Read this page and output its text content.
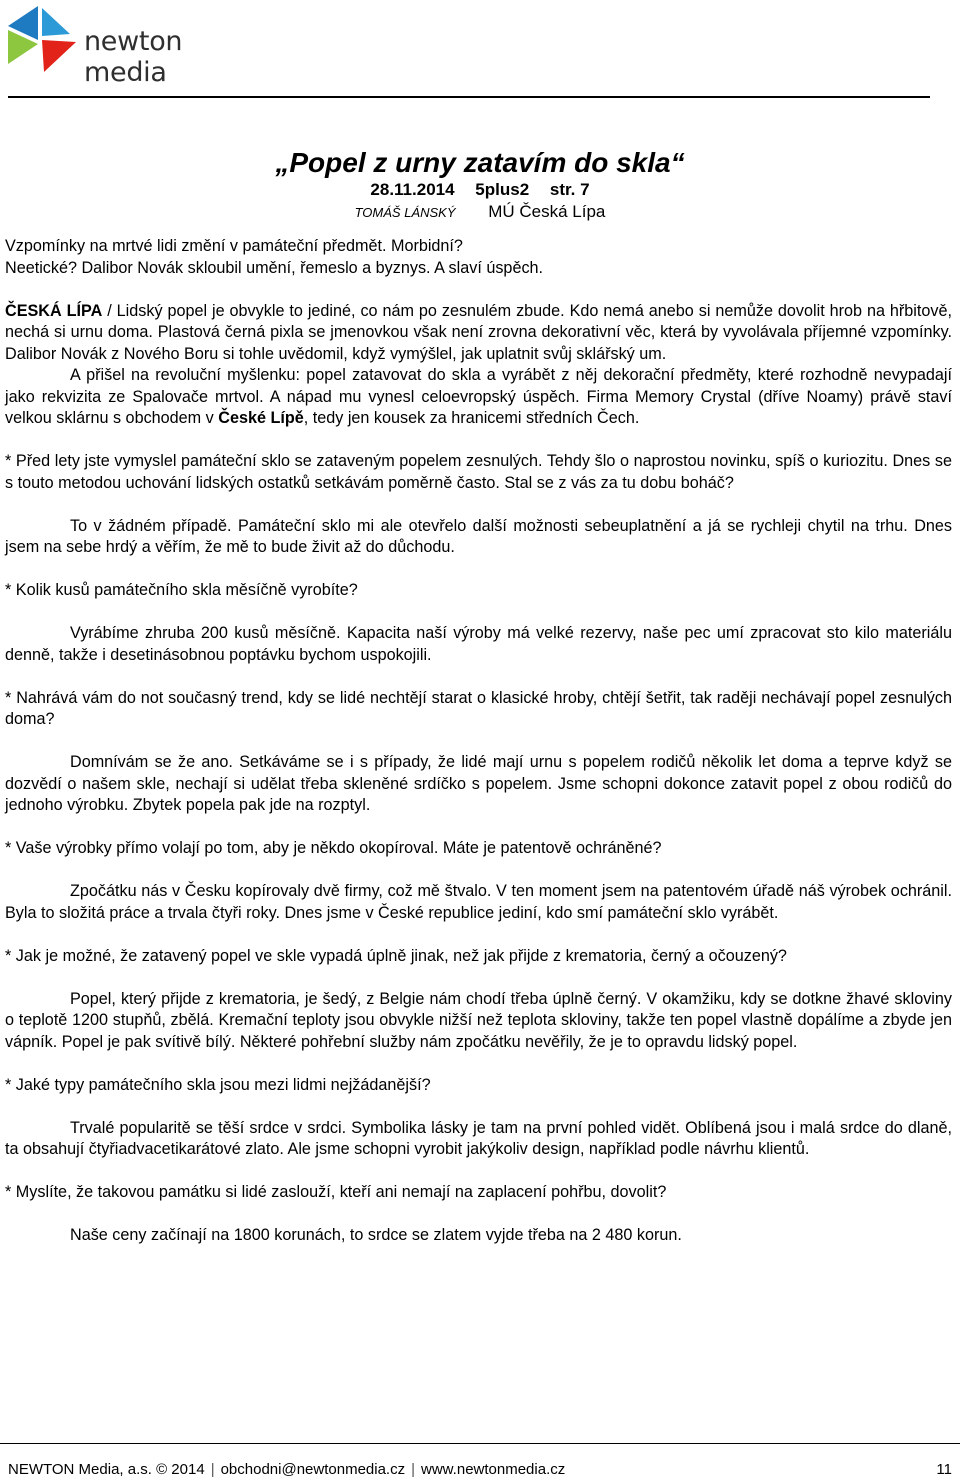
newton media
„Popel z urny zatavím do skla“
28.11.2014 5plus2 str. 7
TOMÁŠ LÁNSKÝ MÚ Česká Lípa

Vzpomínky na mrtvé lidi změní v památeční předmět. Morbidní?

Neetické? Dalibor Novák skloubil umění, řemeslo a byznys. A slaví úspěch.

ČESKÁ LÍPA / Lidský popel je obvykle to jediné, co nám po zesnulém zbude. Kdo nemá anebo si nemůže dovolit hrob na hřbitově, nechá si urnu doma. Plastová černá pixla se jmenovkou však není zrovna dekorativní věc, která by vyvolávala příjemné vzpomínky. Dalibor Novák z Nového Boru si tohle uvědomil, když vymýšlel, jak uplatnit svůj sklářský um.

A přišel na revoluční myšlenku: popel zatavovat do skla a vyrábět z něj dekorační předměty, které rozhodně nevypadají jako rekvizita ze Spalovače mrtvol. A nápad mu vynesl celoevropský úspěch. Firma Memory Crystal (dříve Noamy) právě staví velkou sklárnu s obchodem v České Lípě, tedy jen kousek za hranicemi středních Čech.

* Před lety jste vymyslel památeční sklo se zataveným popelem zesnulých. Tehdy šlo o naprostou novinku, spíš o kuriozitu. Dnes se s touto metodou uchování lidských ostatků setkávám poměrně často. Stal se z vás za tu dobu boháč?

To v žádném případě. Památeční sklo mi ale otevřelo další možnosti sebeuplatnění a já se rychleji chytil na trhu. Dnes jsem na sebe hrdý a věřím, že mě to bude živit až do důchodu.

* Kolik kusů památečního skla měsíčně vyrobíte?

Vyrábíme zhruba 200 kusů měsíčně. Kapacita naší výroby má velké rezervy, naše pec umí zpracovat sto kilo materiálu denně, takže i desetinásobnou poptávku bychom uspokojili.

* Nahrává vám do not současný trend, kdy se lidé nechtějí starat o klasické hroby, chtějí šetřit, tak raději nechávají popel zesnulých doma?

Domnívám se že ano. Setkáváme se i s případy, že lidé mají urnu s popelem rodičů několik let doma a teprve když se dozvědí o našem skle, nechají si udělat třeba skleněné srdíčko s popelem. Jsme schopni dokonce zatavit popel z obou rodičů do jednoho výrobku. Zbytek popela pak jde na rozptyl.

* Vaše výrobky přímo volají po tom, aby je někdo okopíroval. Máte je patentově ochráněné?

Zpočátku nás v Česku kopírovaly dvě firmy, což mě štvalo. V ten moment jsem na patentovém úřadě náš výrobek ochránil. Byla to složitá práce a trvala čtyři roky. Dnes jsme v České republice jediní, kdo smí památeční sklo vyrábět.

* Jak je možné, že zatavený popel ve skle vypadá úplně jinak, než jak přijde z krematoria, černý a očouzený?

Popel, který přijde z krematoria, je šedý, z Belgie nám chodí třeba úplně černý. V okamžiku, kdy se dotkne žhavé skloviny o teplotě 1200 stupňů, zbělá. Kremační teploty jsou obvykle nižší než teplota skloviny, takže ten popel vlastně dopálíme a zbyde jen vápník. Popel je pak svítivě bílý. Některé pohřební služby nám zpočátku nevěřily, že je to opravdu lidský popel.

* Jaké typy památečního skla jsou mezi lidmi nejžádanější?

Trvalé popularitě se těší srdce v srdci. Symbolika lásky je tam na první pohled vidět. Oblíbená jsou i malá srdce do dlaně, ta obsahují čtyřiadvacetikarátové zlato. Ale jsme schopni vyrobit jakýkoliv design, například podle návrhu klientů.

* Myslíte, že takovou památku si lidé zaslouží, kteří ani nemají na zaplacení pohřbu, dovolit?

Naše ceny začínají na 1800 korunách, to srdce se zlatem vyjde třeba na 2 480 korun.

NEWTON Media, a.s. © 2014 | obchodni@newtonmedia.cz | www.newtonmedia.cz	11
